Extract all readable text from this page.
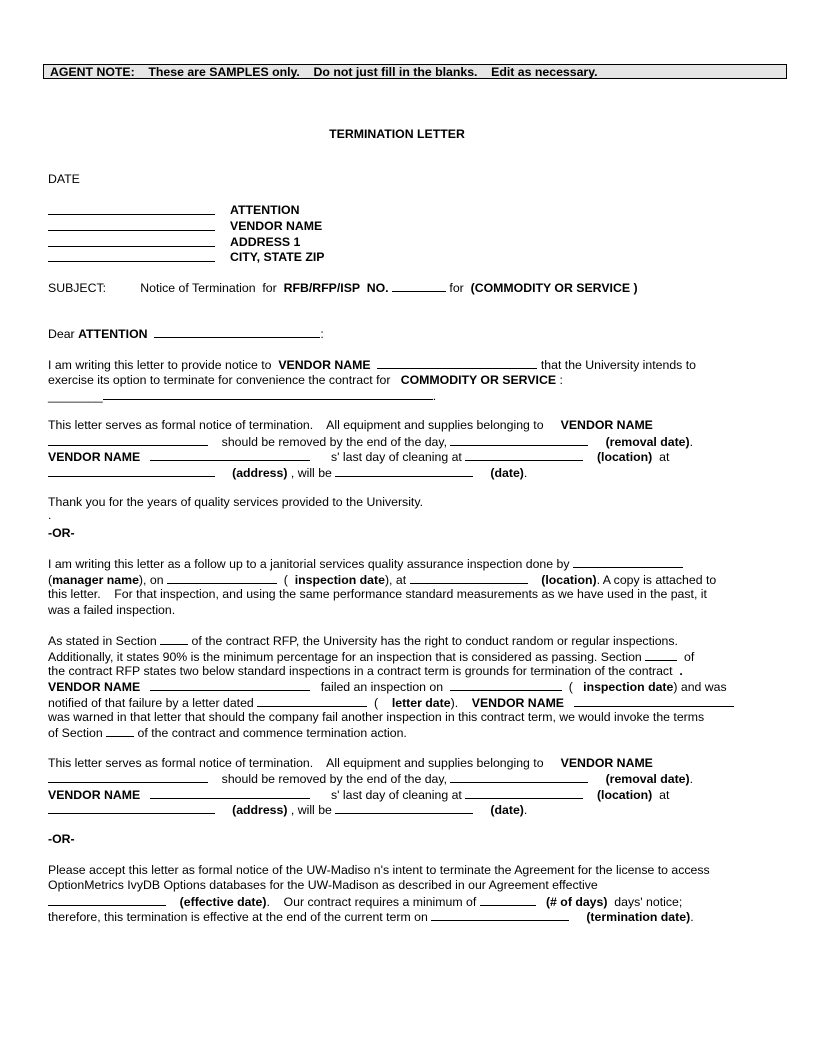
AGENT NOTE:    These are SAMPLES only.    Do not just fill in the blanks.    Edit as necessary.
TERMINATION LETTER
DATE
ATTENTION
VENDOR NAME
ADDRESS 1
CITY, STATE ZIP
SUBJECT:	Notice of Termination  for RFB/RFP/ISP  NO.	for (COMMODITY OR SERVICE )
Dear ATTENTION	:
I am writing this letter to provide notice to VENDOR NAME	that the University intends to
exercise its option to terminate for convenience the contract for COMMODITY OR SERVICE :
________	.
This letter serves as formal notice of termination.    All equipment and supplies belonging to VENDOR NAME
should be removed by the end of the day,	(removal date).
VENDOR NAME	s' last day of cleaning at	(location) at
(address) , will be	(date).
Thank you for the years of quality services provided to the University.
.
-OR-
I am writing this letter as a follow up to a janitorial services quality assurance inspection done by
(manager name), on	( inspection date), at	(location). A copy is attached to
this letter.    For that inspection, and using the same performance standard measurements as we have used in the past, it
was a failed inspection.
As stated in Section	of the contract RFP, the University has the right to conduct random or regular inspections.
Additionally, it states 90% is the minimum percentage for an inspection that is considered as passing. Section	of
the contract RFP states two below standard inspections in a contract term is grounds for termination of the contract .
VENDOR NAME	failed an inspection on	( inspection date) and was
notified of that failure by a letter dated	( letter date). VENDOR NAME
was warned in that letter that should the company fail another inspection in this contract term, we would invoke the terms
of Section	of the contract and commence termination action.
This letter serves as formal notice of termination.    All equipment and supplies belonging to VENDOR NAME
should be removed by the end of the day,	(removal date).
VENDOR NAME	s' last day of cleaning at	(location) at
(address) , will be	(date).
-OR-
Please accept this letter as formal notice of the UW-Madiso n's intent to terminate the Agreement for the license to access
OptionMetrics IvyDB Options databases for the UW-Madison as described in our Agreement effective
(effective date).    Our contract requires a minimum of	(# of days) days' notice;
therefore, this termination is effective at the end of the current term on	(termination date).
